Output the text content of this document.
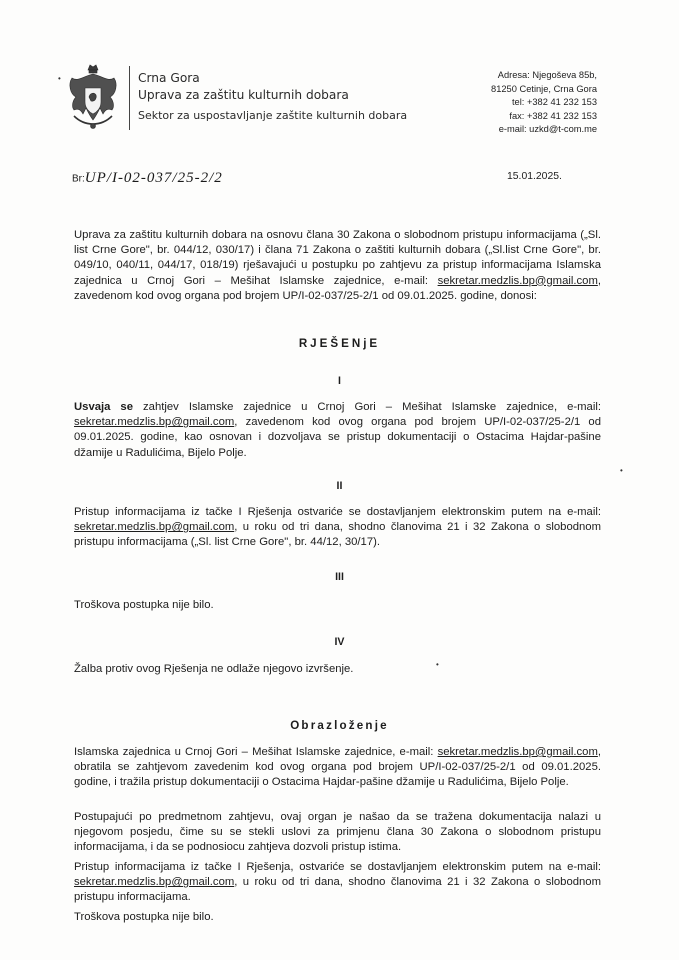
Crna Gora
Uprava za zaštitu kulturnih dobara
Sektor za uspostavljanje zaštite kulturnih dobara
Adresa: Njegoševa 85b,
81250 Cetinje, Crna Gora
tel: +382 41 232 153
fax: +382 41 232 153
e-mail: uzkd@t-com.me
Br:UP/I-02-037/25-2/2	15.01.2025.
Uprava za zaštitu kulturnih dobara na osnovu člana 30 Zakona o slobodnom pristupu informacijama („Sl. list Crne Gore", br. 044/12, 030/17) i člana 71 Zakona o zaštiti kulturnih dobara („Sl.list Crne Gore", br. 049/10, 040/11, 044/17, 018/19) rješavajući u postupku po zahtjevu za pristup informacijama Islamska zajednica u Crnoj Gori – Mešihat Islamske zajednice, e-mail: sekretar.medzlis.bp@gmail.com, zavedenom kod ovog organa pod brojem UP/I-02-037/25-2/1 od 09.01.2025. godine, donosi:
RJEŠENjE
I
Usvaja se zahtjev Islamske zajednice u Crnoj Gori – Mešihat Islamske zajednice, e-mail: sekretar.medzlis.bp@gmail.com, zavedenom kod ovog organa pod brojem UP/I-02-037/25-2/1 od 09.01.2025. godine, kao osnovan i dozvoljava se pristup dokumentaciji o Ostacima Hajdar-pašine džamije u Radulićima, Bijelo Polje.
II
Pristup informacijama iz tačke I Rješenja ostvariće se dostavljanjem elektronskim putem na e-mail: sekretar.medzlis.bp@gmail.com, u roku od tri dana, shodno članovima 21 i 32 Zakona o slobodnom pristupu informacijama („Sl. list Crne Gore", br. 44/12, 30/17).
III
Troškova postupka nije bilo.
IV
Žalba protiv ovog Rješenja ne odlaže njegovo izvršenje.
Obrazloženje
Islamska zajednica u Crnoj Gori – Mešihat Islamske zajednice, e-mail: sekretar.medzlis.bp@gmail.com, obratila se zahtjevom zavedenim kod ovog organa pod brojem UP/I-02-037/25-2/1 od 09.01.2025. godine, i tražila pristup dokumentaciji o Ostacima Hajdar-pašine džamije u Radulićima, Bijelo Polje.
Postupajući po predmetnom zahtjevu, ovaj organ je našao da se tražena dokumentacija nalazi u njegovom posjedu, čime su se stekli uslovi za primjenu člana 30 Zakona o slobodnom pristupu informacijama, i da se podnosiocu zahtjeva dozvoli pristup istima.
Pristup informacijama iz tačke I Rješenja, ostvariće se dostavljanjem elektronskim putem na e-mail: sekretar.medzlis.bp@gmail.com, u roku od tri dana, shodno članovima 21 i 32 Zakona o slobodnom pristupu informacijama.
Troškova postupka nije bilo.
•
•
•
